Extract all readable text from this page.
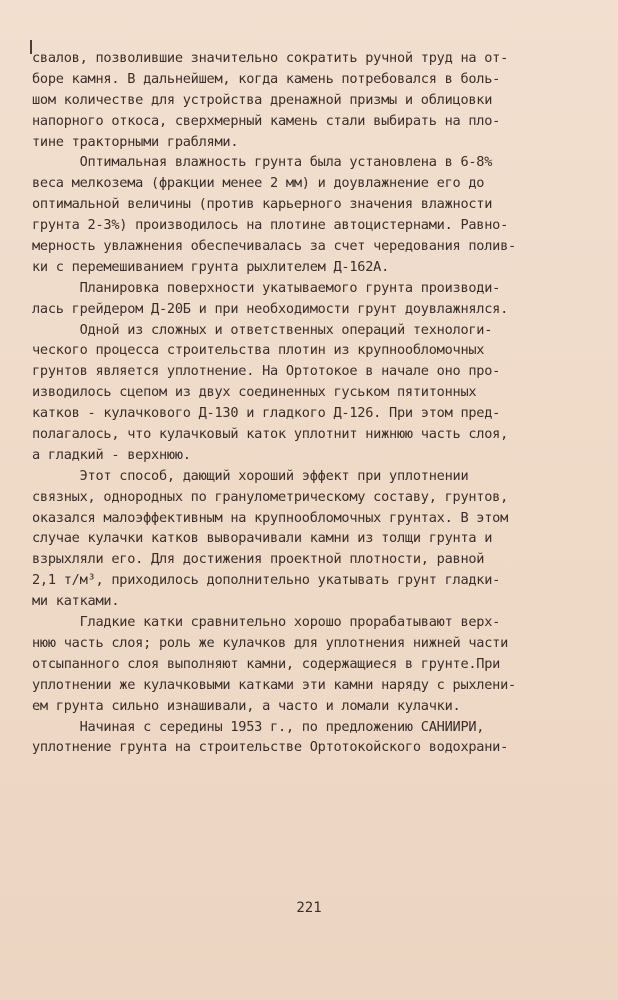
свалов, позволившие значительно сократить ручной труд на от-
боре камня. В дальнейшем, когда камень потребовался в боль-
шом количестве для устройства дренажной призмы и облицовки
напорного откоса, сверхмерный камень стали выбирать на пло-
тине тракторными граблями.
Оптимальная влажность грунта была установлена в 6-8%
веса мелкозема (фракции менее 2 мм) и доувлажнение его до
оптимальной величины (против карьерного значения влажности
грунта 2-3%) производилось на плотине автоцистернами. Равно-
мерность увлажнения обеспечивалась за счет чередования полив-
ки с перемешиванием грунта рыхлителем Д-162А.
Планировка поверхности укатываемого грунта производи-
лась грейдером Д-20Б и при необходимости грунт доувлажнялся.
Одной из сложных и ответственных операций технологи-
ческого процесса строительства плотин из крупнообломочных
грунтов является уплотнение. На Ортотокое в начале оно про-
изводилось сцепом из двух соединенных гуськом пятитонных
катков - кулачкового Д-130 и гладкого Д-126. При этом пред-
полагалось, что кулачковый каток уплотнит нижнюю часть слоя,
а гладкий - верхнюю.
Этот способ, дающий хороший эффект при уплотнении
связных, однородных по гранулометрическому составу, грунтов,
оказался малоэффективным на крупнообломочных грунтах. В этом
случае кулачки катков выворачивали камни из толщи грунта и
взрыхляли его. Для достижения проектной плотности, равной
2,1 т/м³, приходилось дополнительно укатывать грунт гладки-
ми катками.
Гладкие катки сравнительно хорошо прорабатывают верх-
нюю часть слоя; роль же кулачков для уплотнения нижней части
отсыпанного слоя выполняют камни, содержащиеся в грунте.При
уплотнении же кулачковыми катками эти камни наряду с рыхлени-
ем грунта сильно изнашивали, а часто и ломали кулачки.
Начиная с середины 1953 г., по предложению САНИИРИ,
уплотнение грунта на строительстве Ортотокойского водохрани-
221
